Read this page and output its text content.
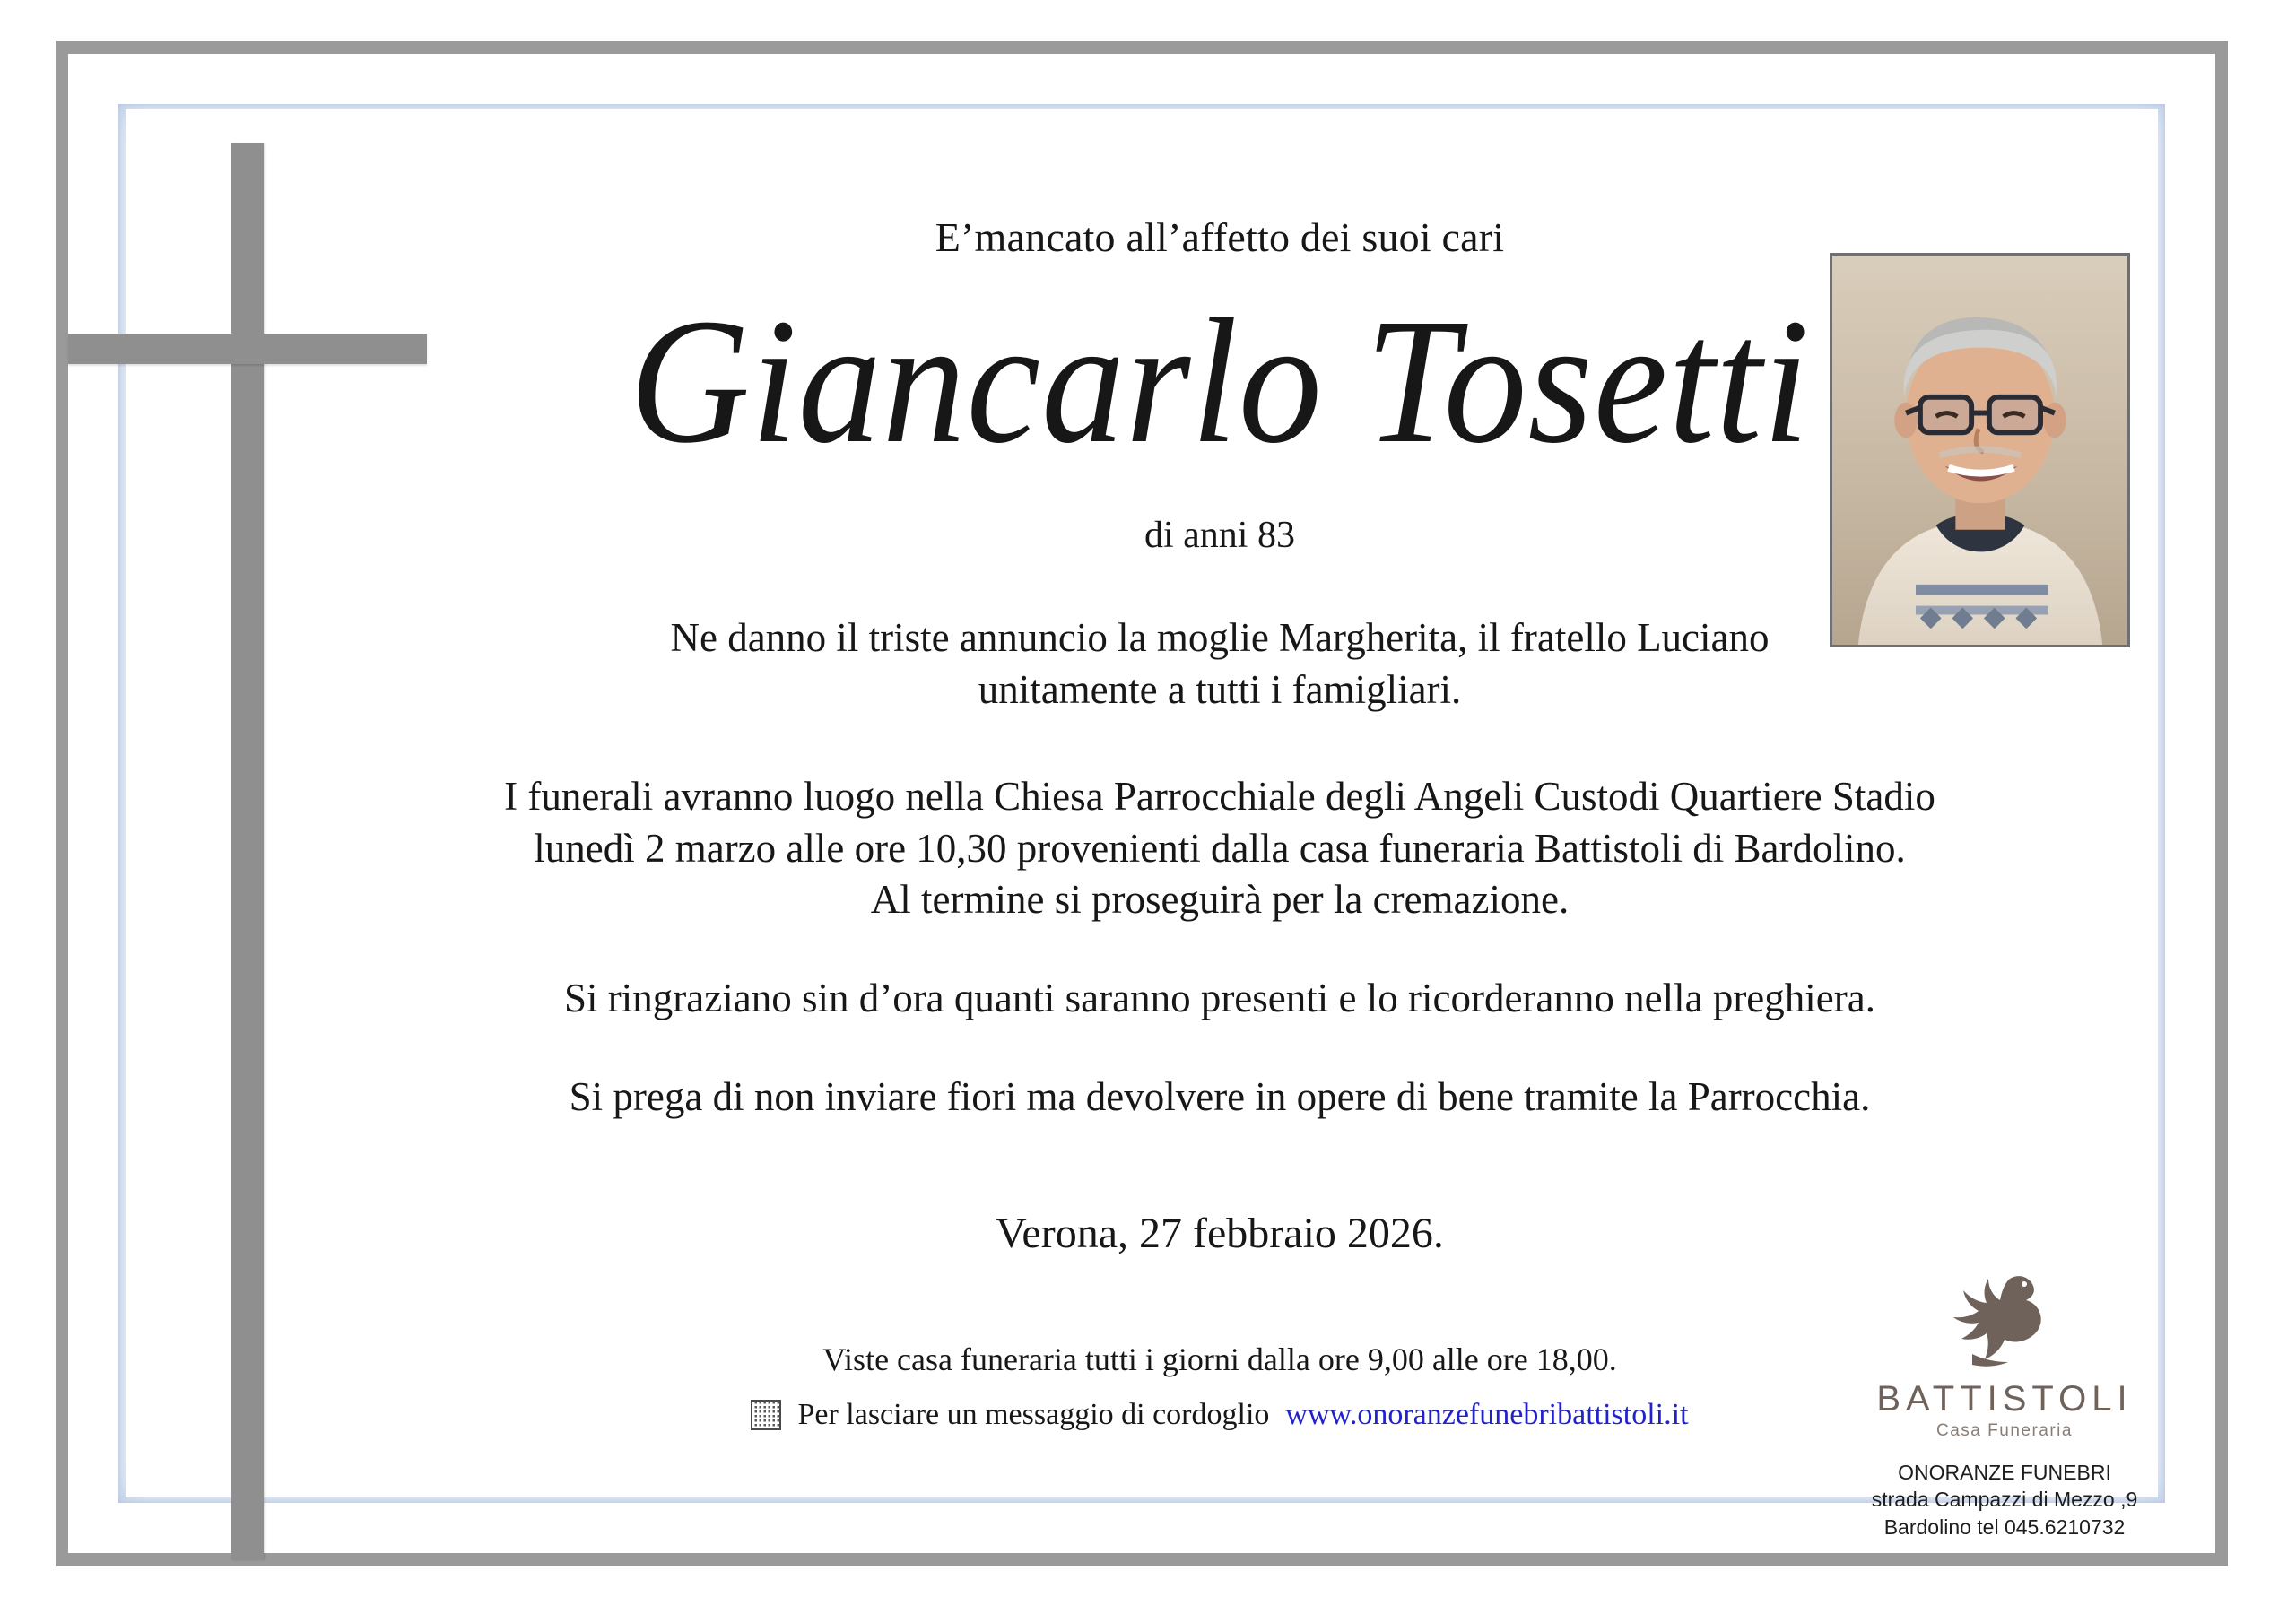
E’mancato all’affetto dei suoi cari
Giancarlo Tosetti
di anni 83
Ne danno il triste annuncio la moglie Margherita, il fratello Luciano
unitamente a tutti i famigliari.
I funerali avranno luogo nella Chiesa Parrocchiale degli Angeli Custodi Quartiere Stadio
lunedì 2 marzo alle ore 10,30 provenienti dalla casa funeraria Battistoli di Bardolino.
Al termine si proseguirà per la cremazione.
Si ringraziano sin d’ora quanti saranno presenti e lo ricorderanno nella preghiera.
Si prega di non inviare fiori ma devolvere in opere di bene tramite la Parrocchia.
Verona, 27 febbraio 2026.
Viste casa funeraria tutti i giorni dalla ore 9,00 alle ore 18,00.
Per lasciare un messaggio di cordoglio www.onoranzefunebribattistoli.it	BATTISTOLI
Casa Funeraria
ONORANZE FUNEBRI
strada Campazzi di Mezzo ,9
Bardolino tel 045.6210732
